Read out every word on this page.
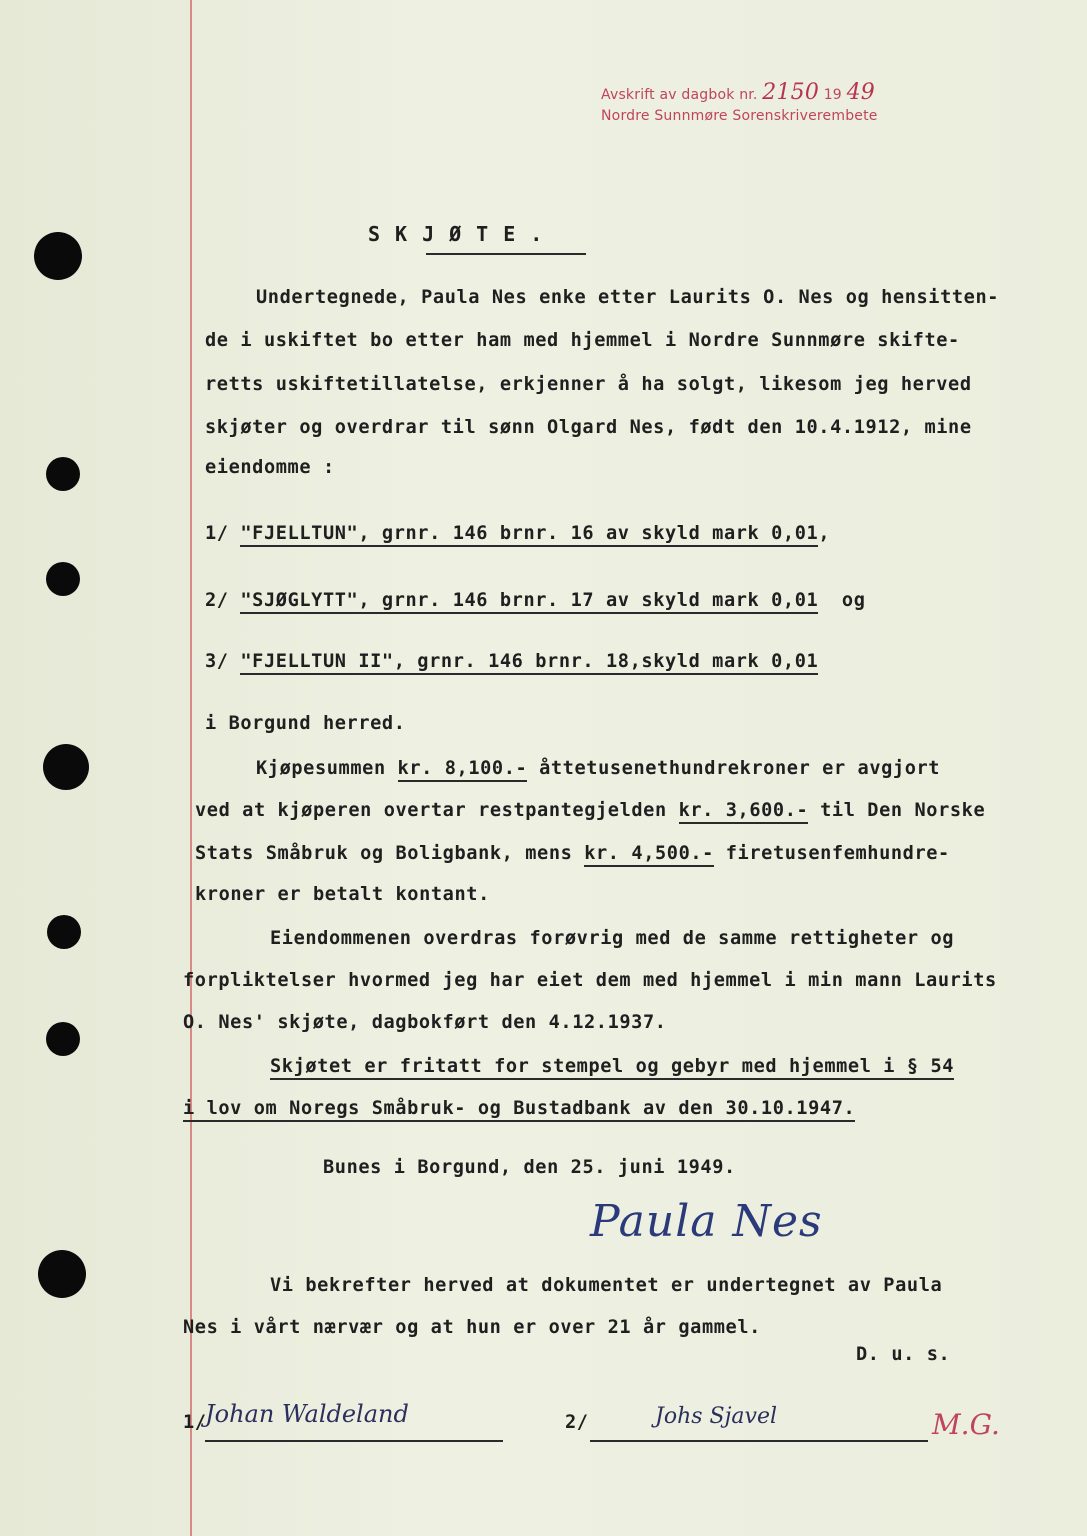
Avskrift av dagbok nr. 2150 19 49
Nordre Sunnmøre Sorenskriverembete
SKJØTE.
Undertegnede, Paula Nes enke etter Laurits O. Nes og hensitten-
de i uskiftet bo etter ham med hjemmel i Nordre Sunnmøre skifte-
retts uskiftetillatelse, erkjenner å ha solgt, likesom jeg herved
skjøter og overdrar til sønn Olgard Nes, født den 10.4.1912, mine
eiendomme :
1/ "FJELLTUN", grnr. 146 brnr. 16 av skyld mark 0,01,
2/ "SJØGLYTT", grnr. 146 brnr. 17 av skyld mark 0,01 og
3/ "FJELLTUN II", grnr. 146 brnr. 18,skyld mark 0,01
i Borgund herred.
Kjøpesummen kr. 8,100.- åttetusenethundrekroner er avgjort
ved at kjøperen overtar restpantegjelden kr. 3,600.- til Den Norske
Stats Småbruk og Boligbank, mens kr. 4,500.- firetusenfemhundre-
kroner er betalt kontant.
Eiendommenen overdras forøvrig med de samme rettigheter og
forpliktelser hvormed jeg har eiet dem med hjemmel i min mann Laurits
O. Nes' skjøte, dagbokført den 4.12.1937.
Skjøtet er fritatt for stempel og gebyr med hjemmel i § 54
i lov om Noregs Småbruk- og Bustadbank av den 30.10.1947.
Bunes i Borgund, den 25. juni 1949.
Paula Nes
Vi bekrefter herved at dokumentet er undertegnet av Paula
Nes i vårt nærvær og at hun er over 21 år gammel.
D. u. s.
1/
Johan Waldeland	2/	Johs Sjavel	M.G.
